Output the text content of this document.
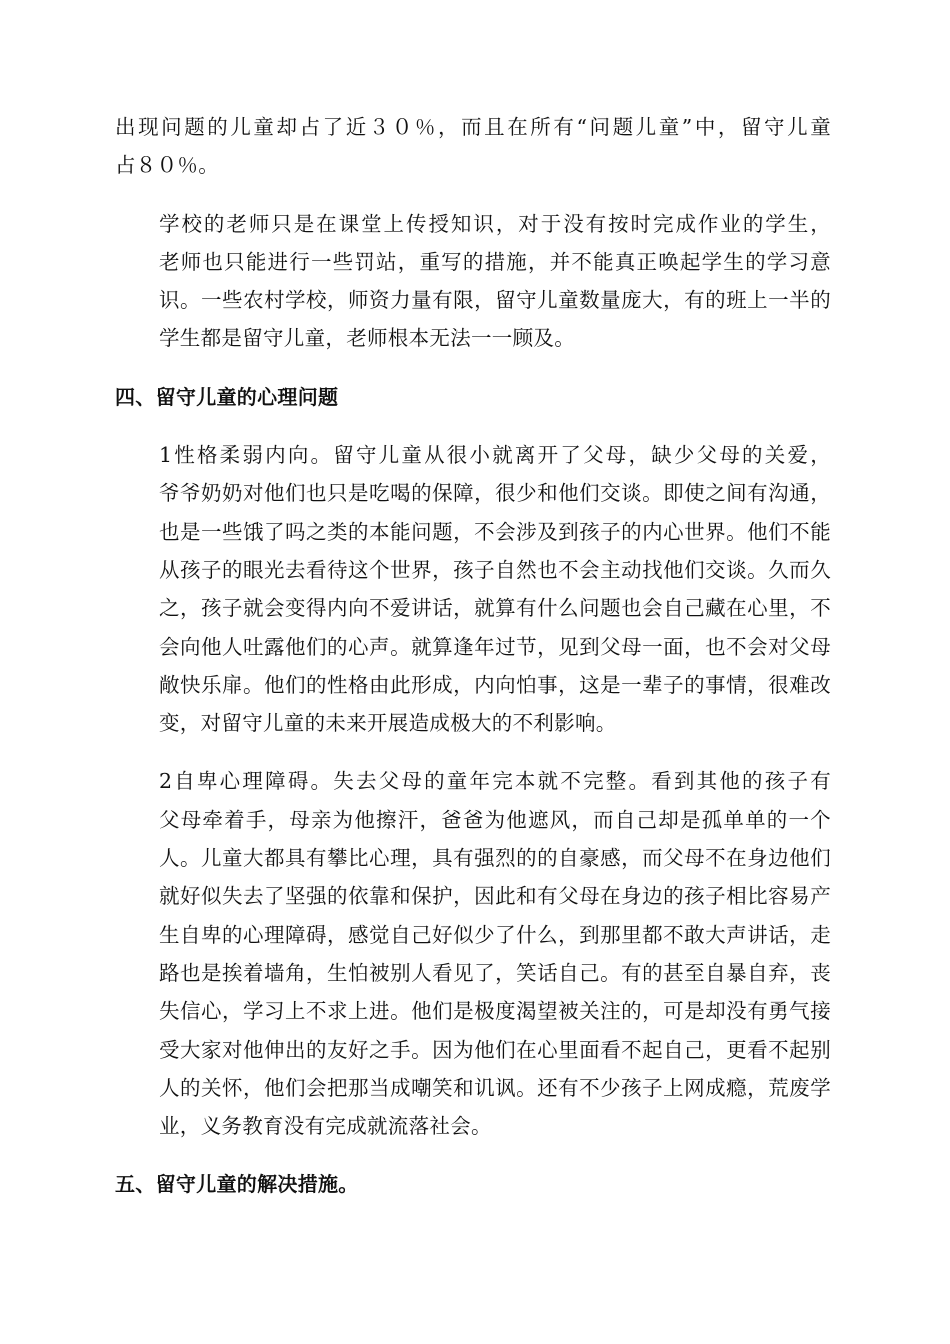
出现问题的儿童却占了近３０％，而且在所有“问题儿童”中，留守儿童
占８０％。

学校的老师只是在课堂上传授知识，对于没有按时完成作业的学生，
老师也只能进行一些罚站，重写的措施，并不能真正唤起学生的学习意
识。一些农村学校，师资力量有限，留守儿童数量庞大，有的班上一半的
学生都是留守儿童，老师根本无法一一顾及。

四、留守儿童的心理问题

1性格柔弱内向。留守儿童从很小就离开了父母，缺少父母的关爱，
爷爷奶奶对他们也只是吃喝的保障，很少和他们交谈。即使之间有沟通，
也是一些饿了吗之类的本能问题，不会涉及到孩子的内心世界。他们不能
从孩子的眼光去看待这个世界，孩子自然也不会主动找他们交谈。久而久
之，孩子就会变得内向不爱讲话，就算有什么问题也会自己藏在心里，不
会向他人吐露他们的心声。就算逢年过节，见到父母一面，也不会对父母
敞快乐扉。他们的性格由此形成，内向怕事，这是一辈子的事情，很难改
变，对留守儿童的未来开展造成极大的不利影响。

2自卑心理障碍。失去父母的童年完本就不完整。看到其他的孩子有
父母牵着手，母亲为他擦汗，爸爸为他遮风，而自己却是孤单单的一个
人。儿童大都具有攀比心理，具有强烈的的自豪感，而父母不在身边他们
就好似失去了坚强的依靠和保护，因此和有父母在身边的孩子相比容易产
生自卑的心理障碍，感觉自己好似少了什么，到那里都不敢大声讲话，走
路也是挨着墙角，生怕被别人看见了，笑话自己。有的甚至自暴自弃，丧
失信心，学习上不求上进。他们是极度渴望被关注的，可是却没有勇气接
受大家对他伸出的友好之手。因为他们在心里面看不起自己，更看不起别
人的关怀，他们会把那当成嘲笑和讥讽。还有不少孩子上网成瘾，荒废学
业，义务教育没有完成就流落社会。

五、留守儿童的解决措施。
